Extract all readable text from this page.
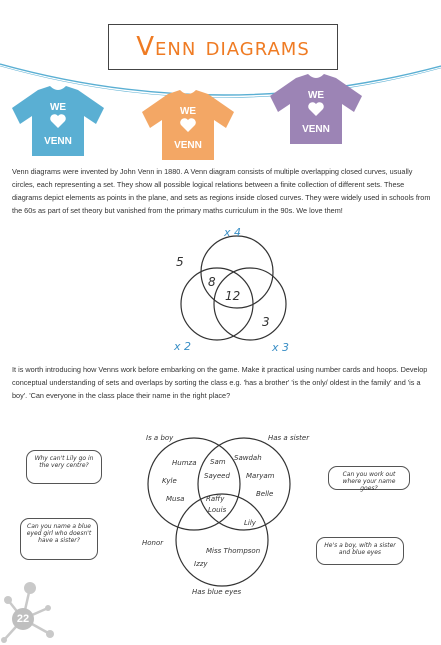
Venn diagrams
WE
VENN
WE
VENN
WE
VENN

Venn diagrams were invented by John Venn in 1880. A Venn diagram consists of multiple overlapping closed curves, usually circles, each representing a set. They show all possible logical relations between a finite collection of different sets. These diagrams depict elements as points in the plane, and sets as regions inside closed curves. They were widely used in schools from the 60s as part of set theory but vanished from the primary maths curriculum in the 90s. We love them!

x 4
x 2	x 3
5
8
12
3

It is worth introducing how Venns work before embarking on the game. Make it practical using number cards and hoops. Develop conceptual understanding of sets and overlaps by sorting the class e.g. 'has a brother' 'is the only/ oldest in the family' and 'is a boy'. 'Can everyone in the class place their name in the right place?

Is a boy	Has a sister
Has blue eyes
Humza
Kyle
Musa
Sam
Sayeed
Sawdah
Maryam
Belle
Raffy
Louis
Lily
Miss Thompson
Izzy
Honor
Why can't Lily go in the very centre?
Can you name a blue eyed girl who doesn't have a sister?
Can you work out where your name goes?
He's a boy, with a sister and blue eyes
22
